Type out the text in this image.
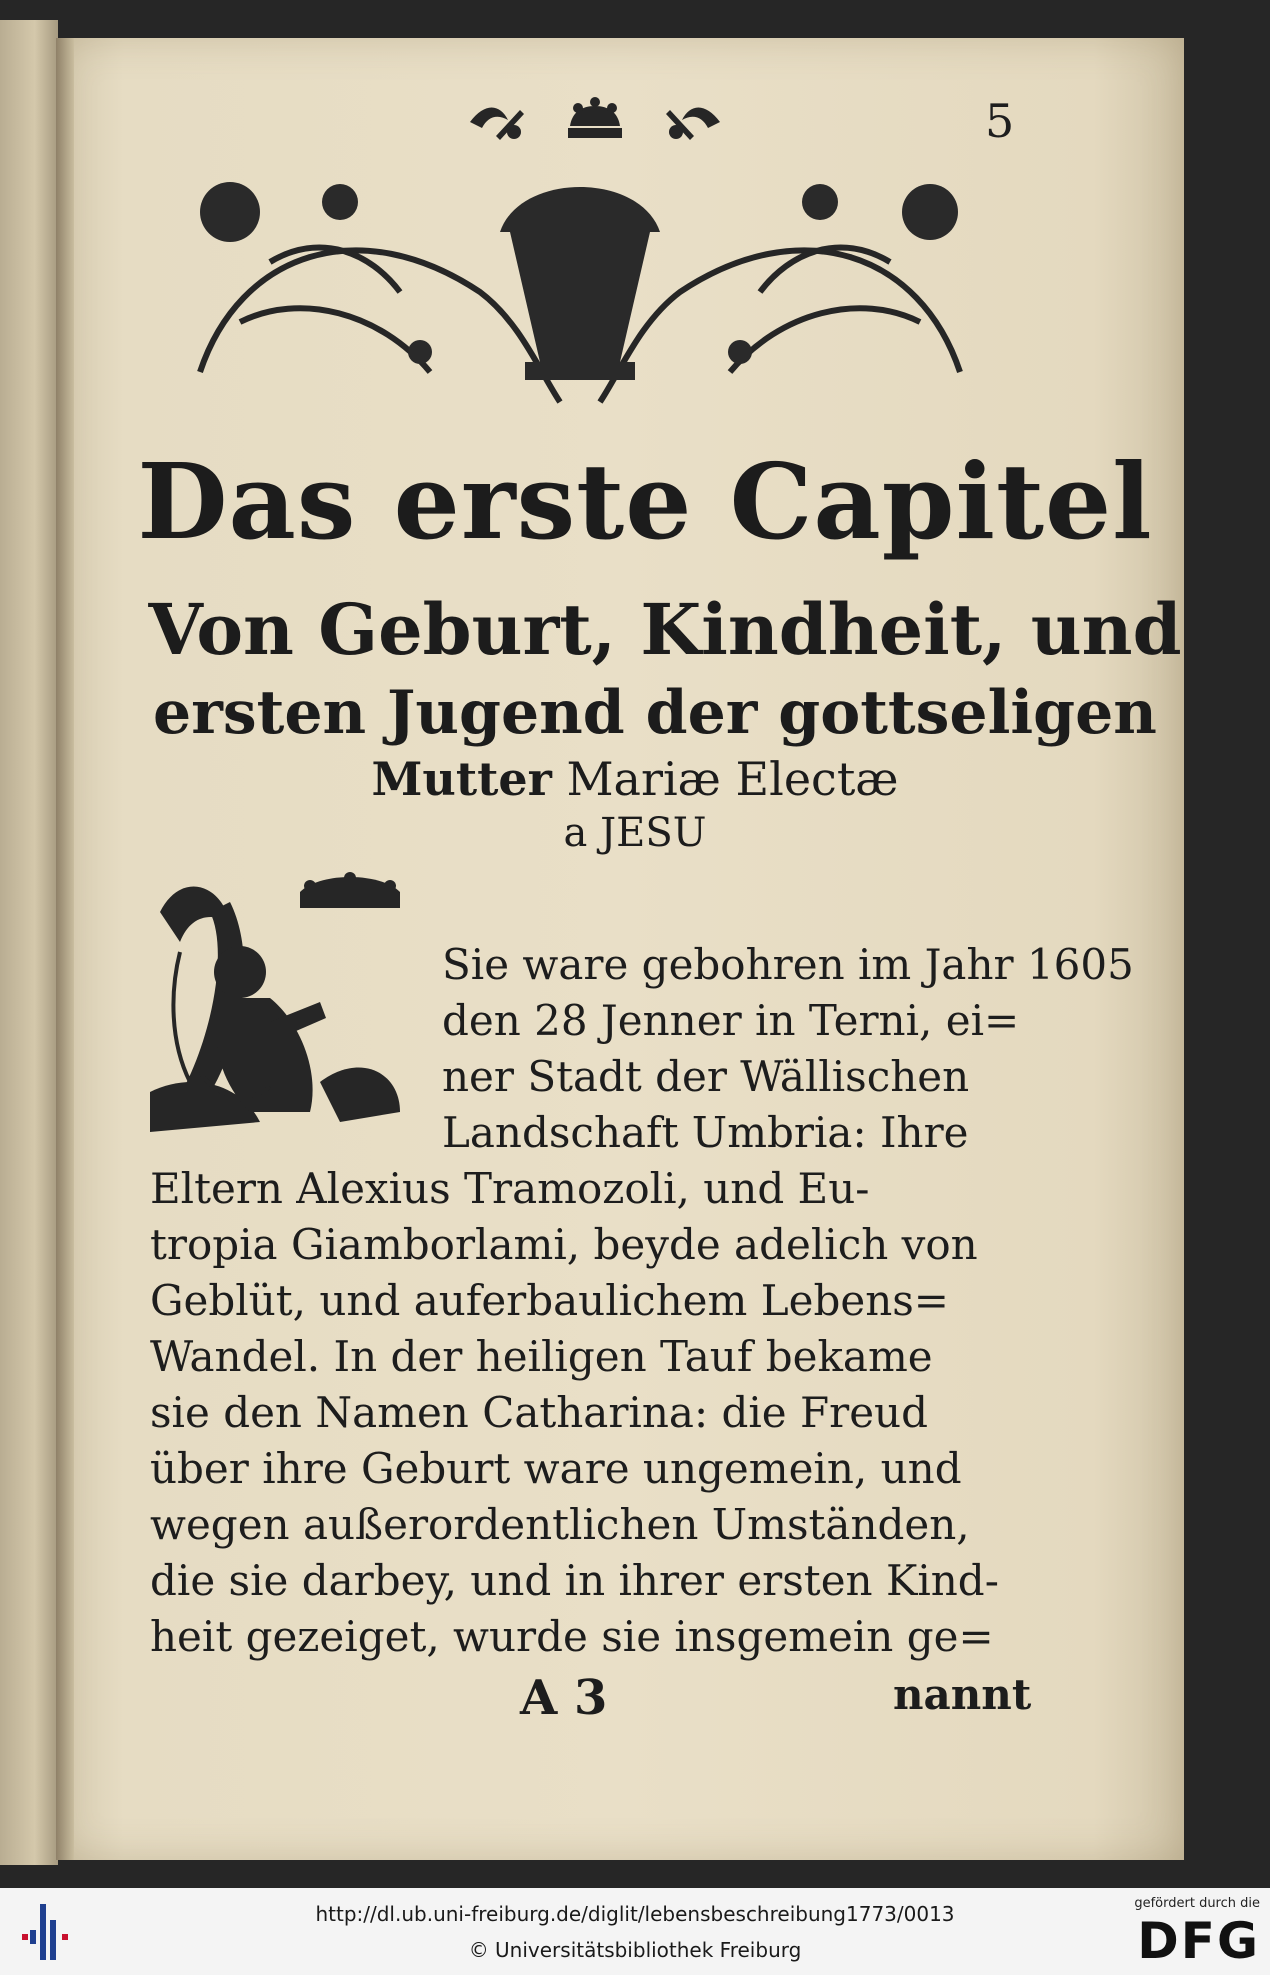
5
Das erste Capitel
Von Geburt, Kindheit, und
ersten Jugend der gottseligen
Mutter Mariæ Electæ
a JESU
Sie ware gebohren im Jahr 1605
den 28 Jenner in Terni, ei=
ner Stadt der Wällischen
Landschaft Umbria: Ihre
Eltern Alexius Tramozoli, und Eu-
tropia Giamborlami, beyde adelich von
Geblüt, und auferbaulichem Lebens=
Wandel. In der heiligen Tauf bekame
sie den Namen Catharina: die Freud
über ihre Geburt ware ungemein, und
wegen außerordentlichen Umständen,
die sie darbey, und in ihrer ersten Kind-
heit gezeiget, wurde sie insgemein ge=
A 3	nannt
http://dl.ub.uni-freiburg.de/diglit/lebensbeschreibung1773/0013
© Universitätsbibliothek Freiburg
gefördert durch die
DFG
